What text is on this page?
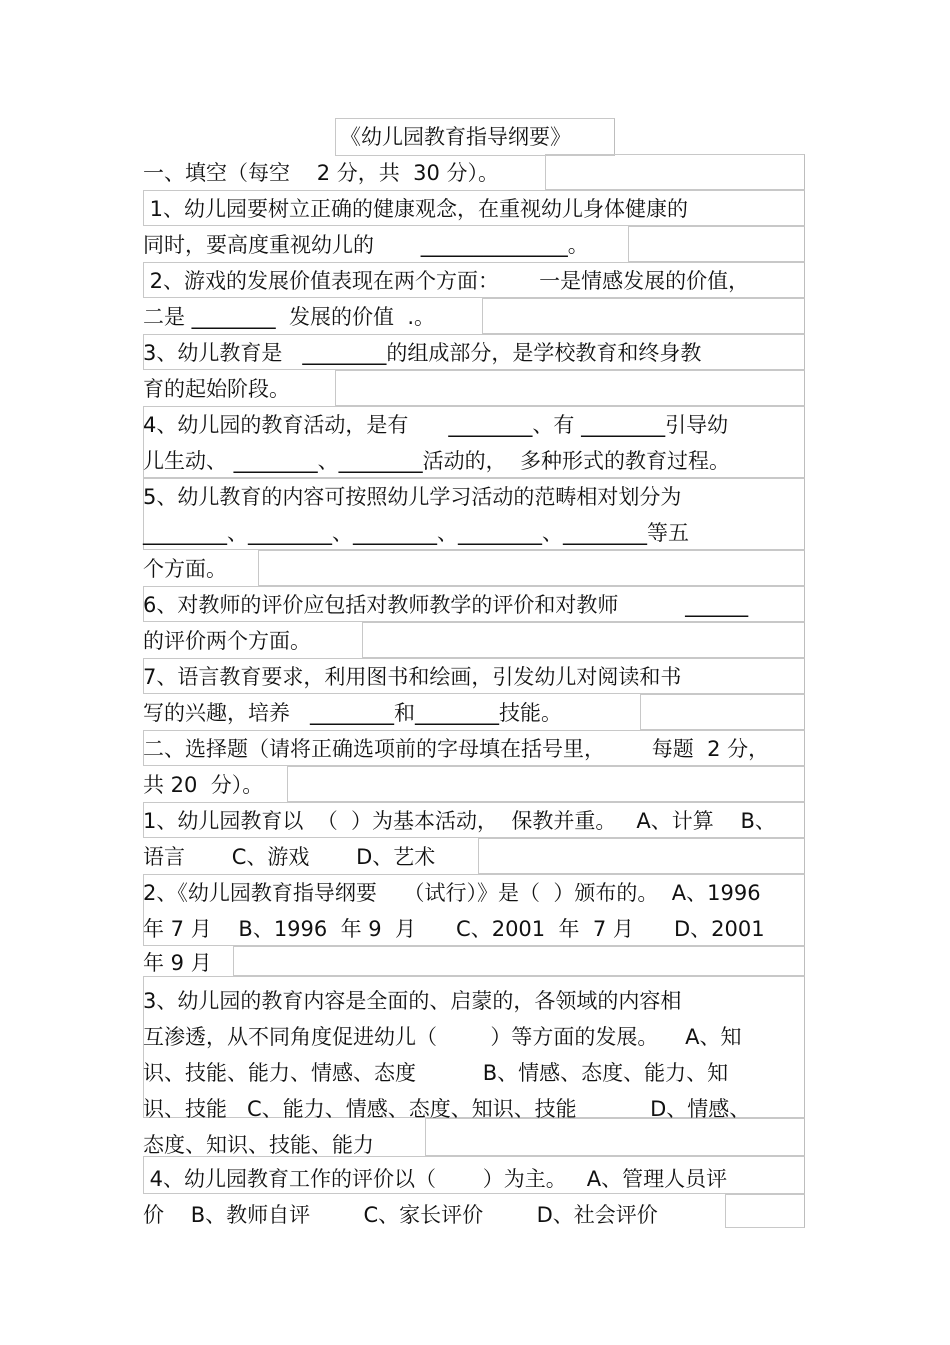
《幼儿园教育指导纲要》
一、填空（每空    2 分，共  30 分）。
1、幼儿园要树立正确的健康观念，在重视幼儿身体健康的
同时，要高度重视幼儿的       ______________。
2、游戏的发展价值表现在两个方面：      一是情感发展的价值，
二是 ________  发展的价值  .。
3、幼儿教育是   ________的组成部分，是学校教育和终身教
育的起始阶段。
4、幼儿园的教育活动，是有      ________、有 ________引导幼
儿生动、 ________、________活动的，  多种形式的教育过程。
5、幼儿教育的内容可按照幼儿学习活动的范畴相对划分为
________、________、________、________、________等五
个方面。
6、对教师的评价应包括对教师教学的评价和对教师          ______
的评价两个方面。
7、语言教育要求，利用图书和绘画，引发幼儿对阅读和书
写的兴趣，培养   ________和________技能。
二、选择题（请将正确选项前的字母填在括号里，       每题  2 分，
共 20  分）。
1、幼儿园教育以  （  ）为基本活动，  保教并重。   A、计算    B、
语言       C、游戏       D、艺术
2、《幼儿园教育指导纲要    （试行）》是（  ）颁布的。  A、1996
年 7 月    B、1996  年 9  月      C、2001  年  7 月      D、2001
年 9 月
3、幼儿园的教育内容是全面的、启蒙的，各领域的内容相
互渗透，从不同角度促进幼儿（        ）等方面的发展。    A、知
识、技能、能力、情感、态度          B、情感、态度、能力、知
识、技能   C、能力、情感、态度、知识、技能           D、情感、
态度、知识、技能、能力
4、幼儿园教育工作的评价以（       ）为主。   A、管理人员评
价    B、教师自评        C、家长评价        D、社会评价
